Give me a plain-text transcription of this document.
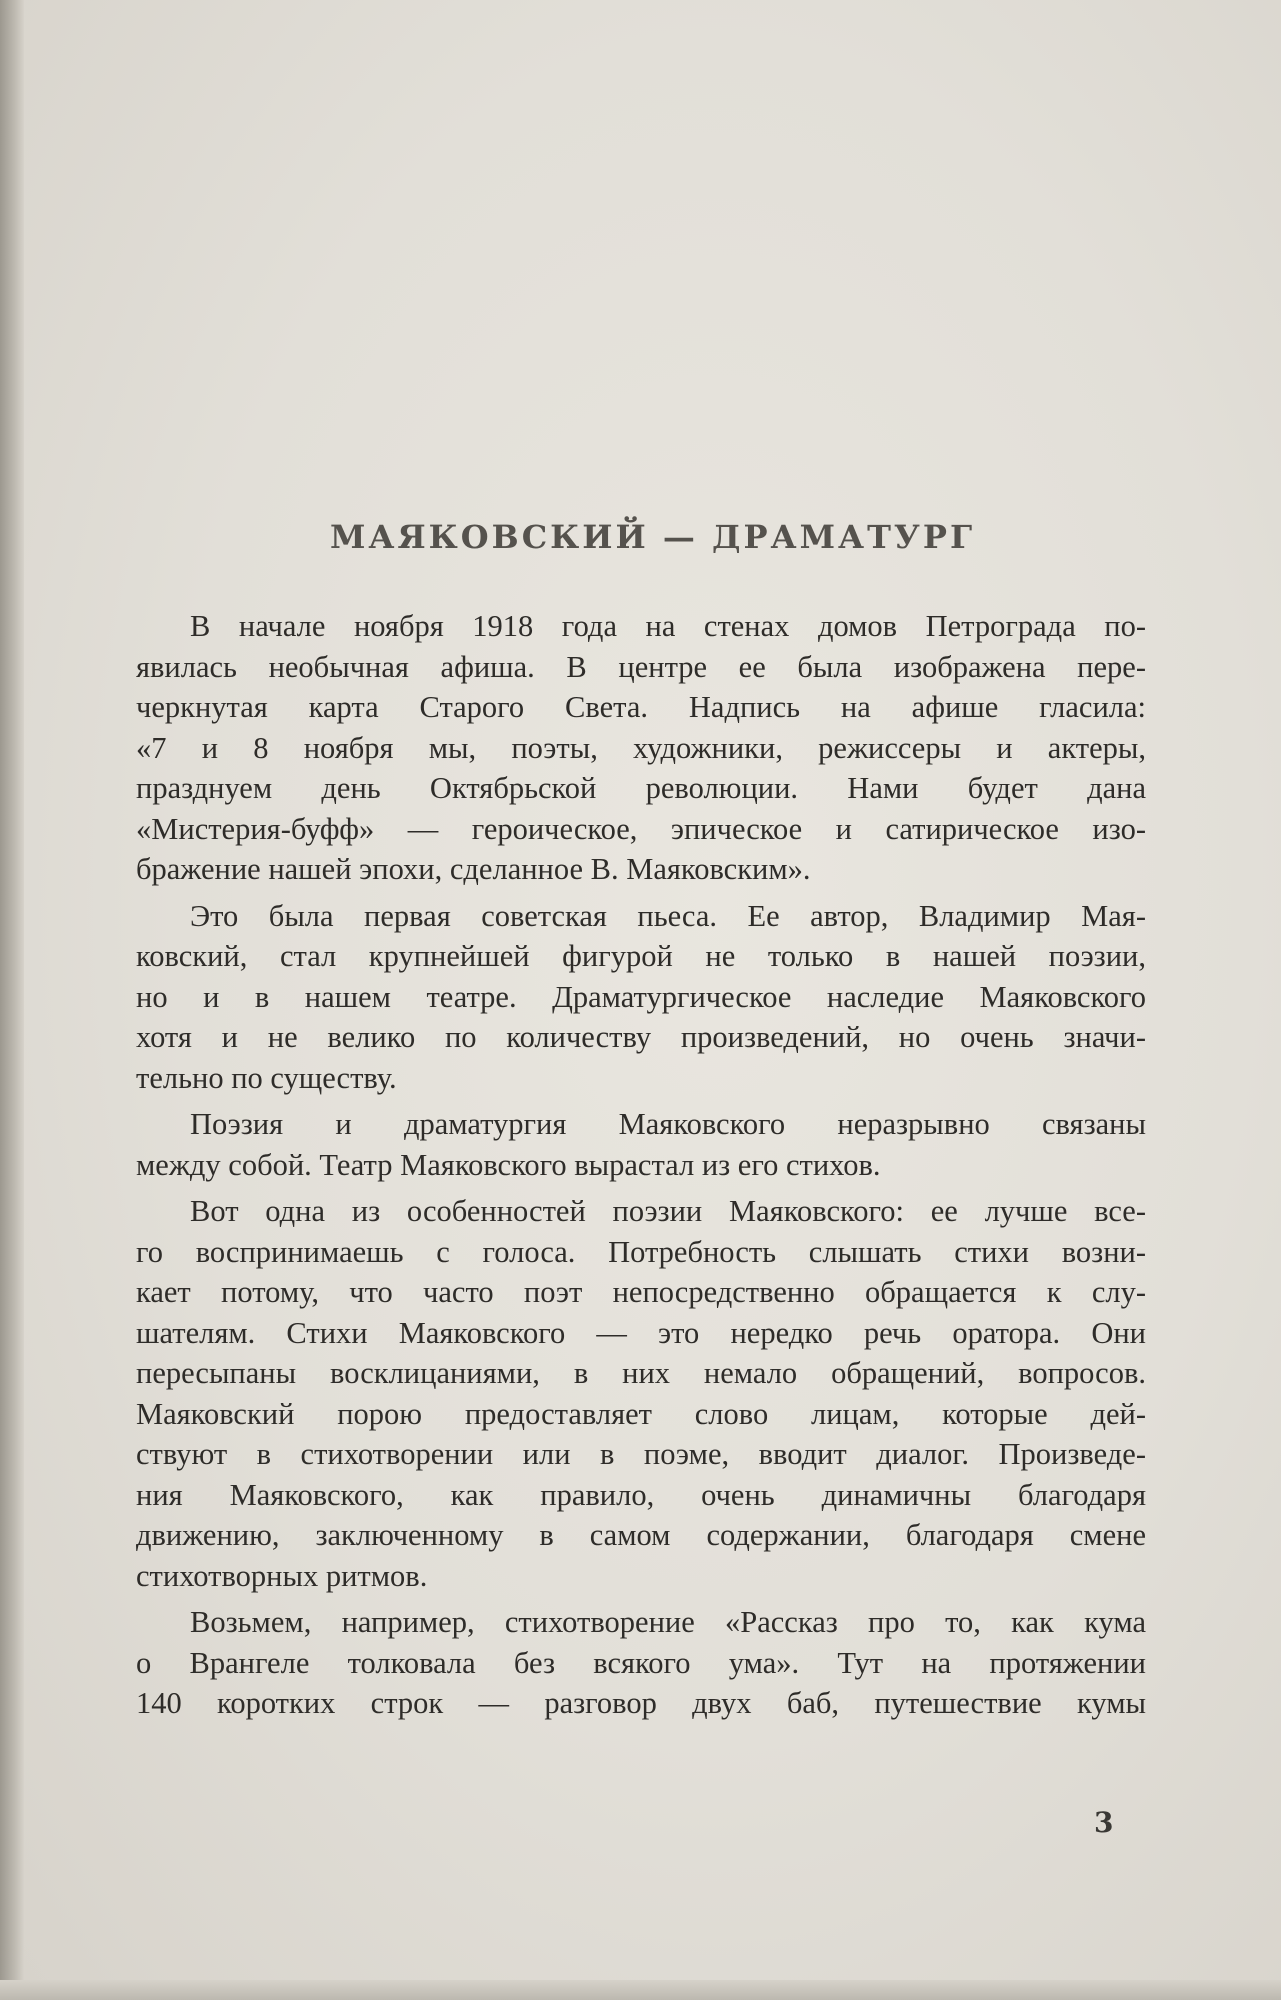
МАЯКОВСКИЙ — ДРАМАТУРГ
В начале ноября 1918 года на стенах домов Петрограда по-
явилась необычная афиша. В центре ее была изображена пере-
черкнутая карта Старого Света. Надпись на афише гласила:
«7 и 8 ноября мы, поэты, художники, режиссеры и актеры,
празднуем день Октябрьской революции. Нами будет дана
«Мистерия-буфф» — героическое, эпическое и сатирическое изо-
бражение нашей эпохи, сделанное В. Маяковским».
Это была первая советская пьеса. Ее автор, Владимир Мая-
ковский, стал крупнейшей фигурой не только в нашей поэзии,
но и в нашем театре. Драматургическое наследие Маяковского
хотя и не велико по количеству произведений, но очень значи-
тельно по существу.
Поэзия и драматургия Маяковского неразрывно связаны
между собой. Театр Маяковского вырастал из его стихов.
Вот одна из особенностей поэзии Маяковского: ее лучше все-
го воспринимаешь с голоса. Потребность слышать стихи возни-
кает потому, что часто поэт непосредственно обращается к слу-
шателям. Стихи Маяковского — это нередко речь оратора. Они
пересыпаны восклицаниями, в них немало обращений, вопросов.
Маяковский порою предоставляет слово лицам, которые дей-
ствуют в стихотворении или в поэме, вводит диалог. Произведе-
ния Маяковского, как правило, очень динамичны благодаря
движению, заключенному в самом содержании, благодаря смене
стихотворных ритмов.
Возьмем, например, стихотворение «Рассказ про то, как кума
о Врангеле толковала без всякого ума». Тут на протяжении
140 коротких строк — разговор двух баб, путешествие кумы
3
